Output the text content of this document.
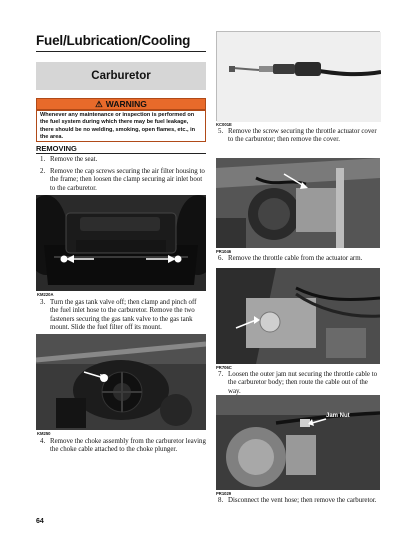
Fuel/Lubrication/Cooling
Carburetor
⚠ WARNING
Whenever any maintenance or inspection is performed on the fuel system during which there may be fuel leakage, there should be no welding, smoking, open flames, etc., in the area.
REMOVING
1. Remove the seat.
2. Remove the cap screws securing the air filter housing to the frame; then loosen the clamp securing air inlet boot to the carburetor.
KM220A
3. Turn the gas tank valve off; then clamp and pinch off the fuel inlet hose to the carburetor. Remove the two fasteners securing the gas tank valve to the gas tank mount. Slide the fuel filter off its mount.
KM250
4. Remove the choke assembly from the carburetor leaving the choke cable attached to the choke plunger.
KC001E
5. Remove the screw securing the throttle actuator cover to the carburetor; then remove the cover.
PR1046
6. Remove the throttle cable from the actuator arm.
PR706C
7. Loosen the outer jam nut securing the throttle cable to the carburetor body; then route the cable out of the way.
Jam Nut
PR1029
8. Disconnect the vent hose; then remove the carburetor.
64
